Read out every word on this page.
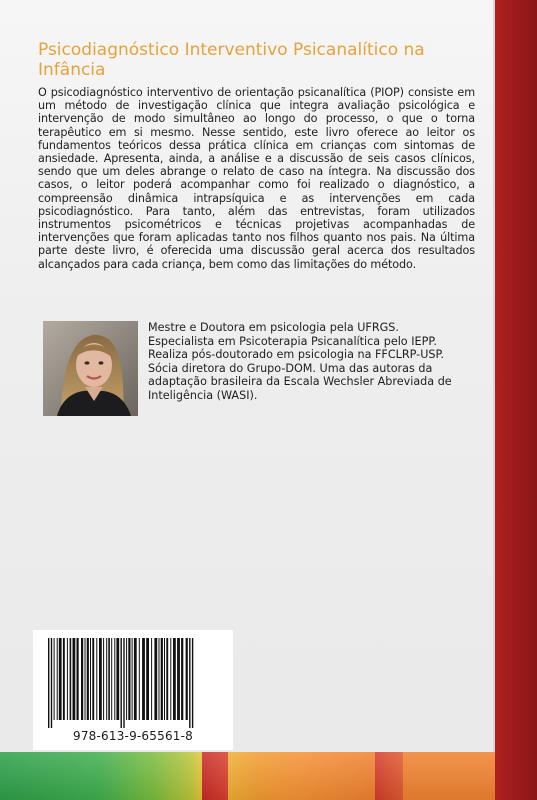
Psicodiagnóstico Interventivo Psicanalítico na Infância

O psicodiagnóstico interventivo de orientação psicanalítica (PIOP) consiste em um método de investigação clínica que integra avaliação psicológica e intervenção de modo simultâneo ao longo do processo, o que o torna terapêutico em si mesmo. Nesse sentido, este livro oferece ao leitor os fundamentos teóricos dessa prática clínica em crianças com sintomas de ansiedade. Apresenta, ainda, a análise e a discussão de seis casos clínicos, sendo que um deles abrange o relato de caso na íntegra. Na discussão dos casos, o leitor poderá acompanhar como foi realizado o diagnóstico, a compreensão dinâmica intrapsíquica e as intervenções em cada psicodiagnóstico. Para tanto, além das entrevistas, foram utilizados instrumentos psicométricos e técnicas projetivas acompanhadas de intervenções que foram aplicadas tanto nos filhos quanto nos pais. Na última parte deste livro, é oferecida uma discussão geral acerca dos resultados alcançados para cada criança, bem como das limitações do método.

Mestre e Doutora em psicologia pela UFRGS. Especialista em Psicoterapia Psicanalítica pelo IEPP. Realiza pós-doutorado em psicologia na FFCLRP-USP. Sócia diretora do Grupo-DOM. Uma das autoras da adaptação brasileira da Escala Wechsler Abreviada de Inteligência (WASI).

978-613-9-65561-8
